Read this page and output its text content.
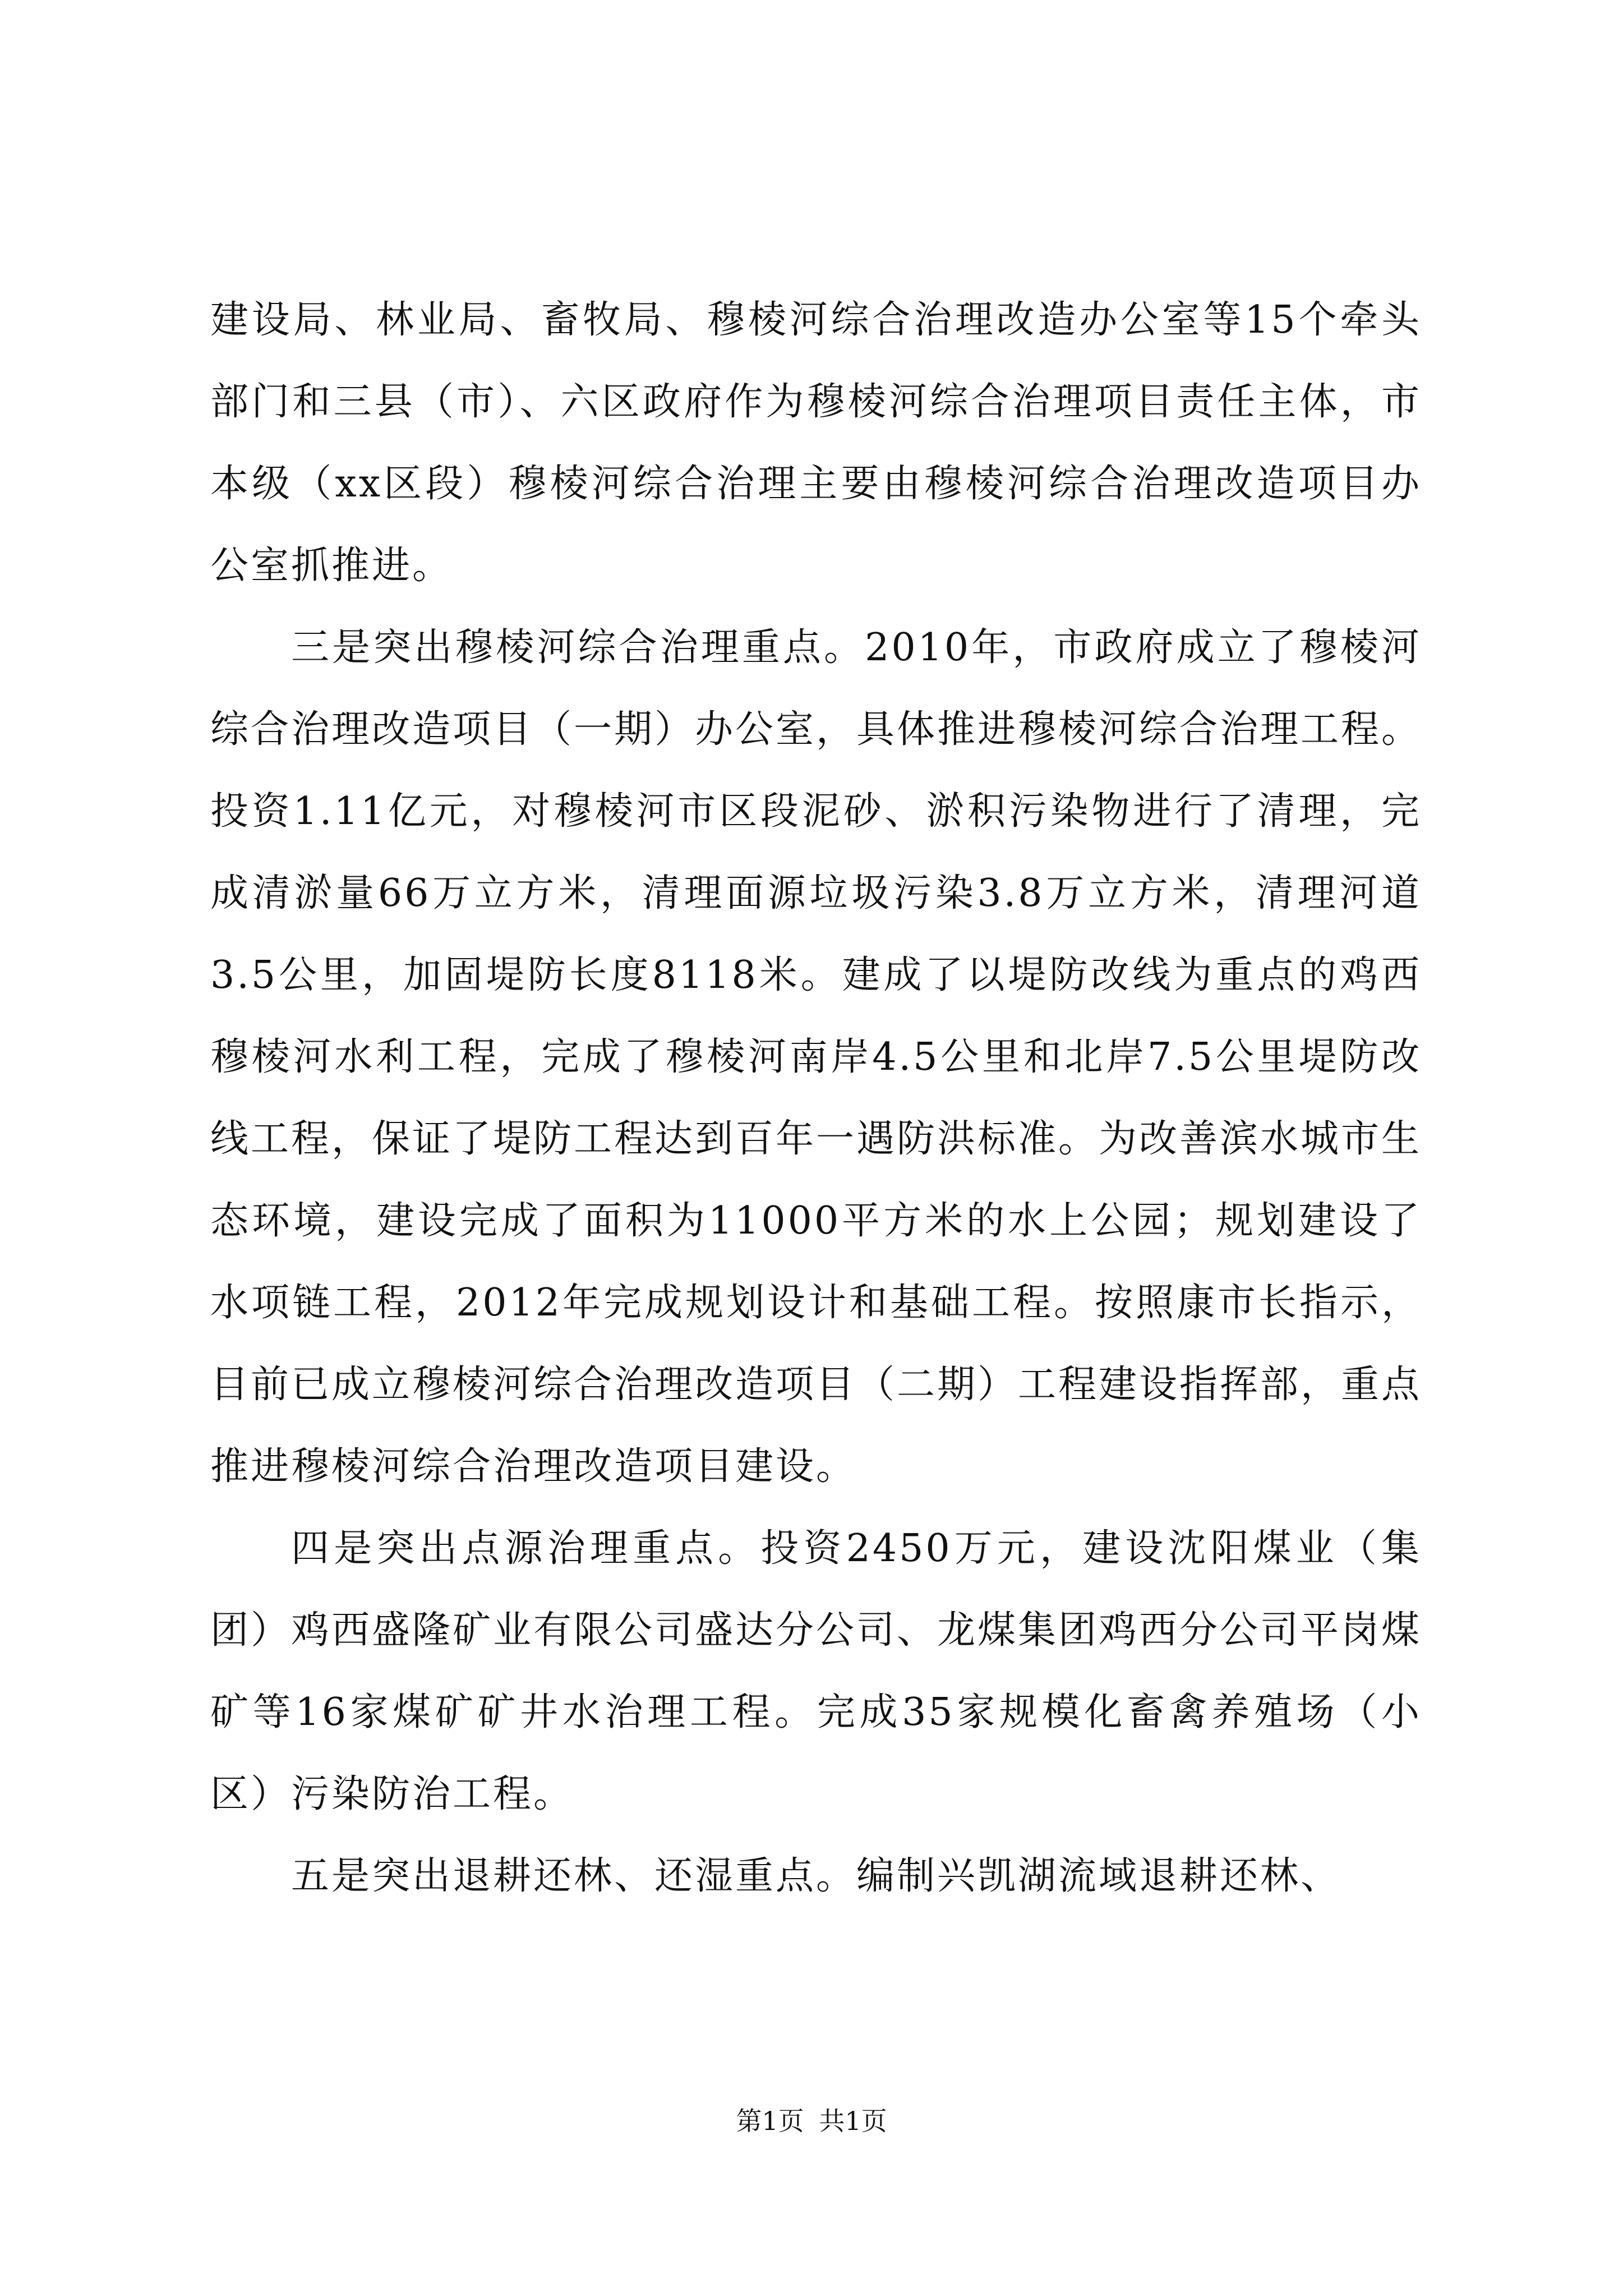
建设局、林业局、畜牧局、穆棱河综合治理改造办公室等15个牵头部门和三县（市）、六区政府作为穆棱河综合治理项目责任主体，市本级（xx区段）穆棱河综合治理主要由穆棱河综合治理改造项目办公室抓推进。

三是突出穆棱河综合治理重点。2010年，市政府成立了穆棱河综合治理改造项目（一期）办公室，具体推进穆棱河综合治理工程。投资1.11亿元，对穆棱河市区段泥砂、淤积污染物进行了清理，完成清淤量66万立方米，清理面源垃圾污染3.8万立方米，清理河道3.5公里，加固堤防长度8118米。建成了以堤防改线为重点的鸡西穆棱河水利工程，完成了穆棱河南岸4.5公里和北岸7.5公里堤防改线工程，保证了堤防工程达到百年一遇防洪标准。为改善滨水城市生态环境，建设完成了面积为11000平方米的水上公园；规划建设了水项链工程，2012年完成规划设计和基础工程。按照康市长指示，目前已成立穆棱河综合治理改造项目（二期）工程建设指挥部，重点推进穆棱河综合治理改造项目建设。

四是突出点源治理重点。投资2450万元，建设沈阳煤业（集团）鸡西盛隆矿业有限公司盛达分公司、龙煤集团鸡西分公司平岗煤矿等16家煤矿矿井水治理工程。完成35家规模化畜禽养殖场（小区）污染防治工程。

五是突出退耕还林、还湿重点。编制兴凯湖流域退耕还林、

第1页 共1页
